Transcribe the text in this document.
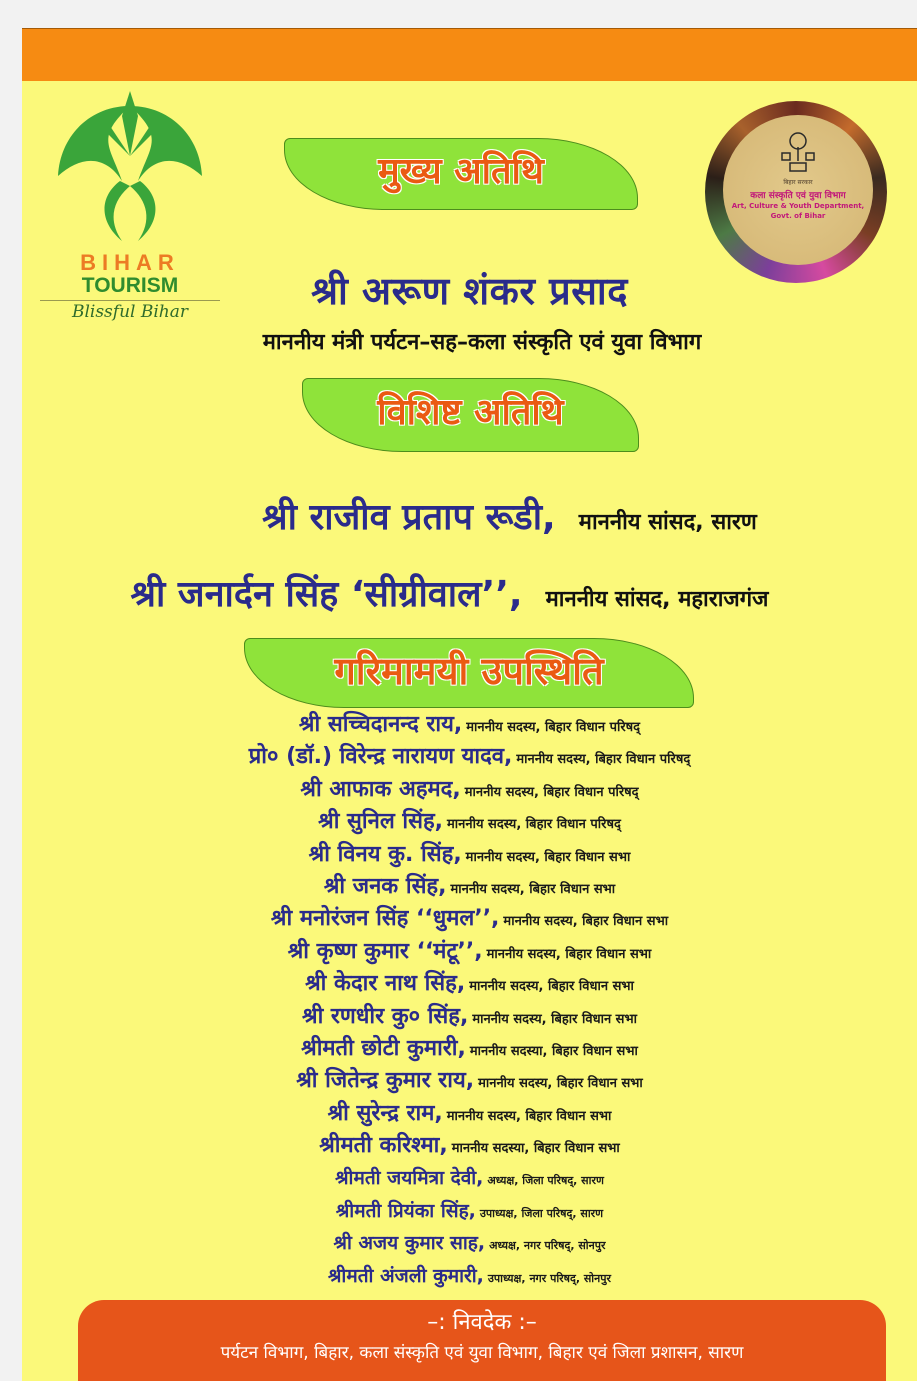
BIHAR
TOURISM
Blissful Bihar
बिहार सरकार
कला संस्कृति एवं युवा विभाग
Art, Culture & Youth Department,
Govt. of Bihar
मुख्य अतिथि
श्री अरूण शंकर प्रसाद
माननीय मंत्री पर्यटन–सह–कला संस्कृति एवं युवा विभाग
विशिष्ट अतिथि
श्री राजीव प्रताप रूडी, माननीय सांसद, सारण
श्री जनार्दन सिंह ‘सीग्रीवाल’’, माननीय सांसद, महाराजगंज
गरिमामयी उपस्थिति
श्री सच्चिदानन्द राय, माननीय सदस्य, बिहार विधान परिषद्
प्रो० (डॉ.) विरेन्द्र नारायण यादव, माननीय सदस्य, बिहार विधान परिषद्
श्री आफाक अहमद, माननीय सदस्य, बिहार विधान परिषद्
श्री सुनिल सिंह, माननीय सदस्य, बिहार विधान परिषद्
श्री विनय कु. सिंह, माननीय सदस्य, बिहार विधान सभा
श्री जनक सिंह, माननीय सदस्य, बिहार विधान सभा
श्री मनोरंजन सिंह ‘‘धुमल’’, माननीय सदस्य, बिहार विधान सभा
श्री कृष्ण कुमार ‘‘मंटू’’, माननीय सदस्य, बिहार विधान सभा
श्री केदार नाथ सिंह, माननीय सदस्य, बिहार विधान सभा
श्री रणधीर कु० सिंह, माननीय सदस्य, बिहार विधान सभा
श्रीमती छोटी कुमारी, माननीय सदस्या, बिहार विधान सभा
श्री जितेन्द्र कुमार राय, माननीय सदस्य, बिहार विधान सभा
श्री सुरेन्द्र राम, माननीय सदस्य, बिहार विधान सभा
श्रीमती करिश्मा, माननीय सदस्या, बिहार विधान सभा
श्रीमती जयमित्रा देवी, अध्यक्ष, जिला परिषद्, सारण
श्रीमती प्रियंका सिंह, उपाध्यक्ष, जिला परिषद्, सारण
श्री अजय कुमार साह, अध्यक्ष, नगर परिषद्, सोनपुर
श्रीमती अंजली कुमारी, उपाध्यक्ष, नगर परिषद्, सोनपुर
–: निवदेक :–
पर्यटन विभाग, बिहार, कला संस्कृति एवं युवा विभाग, बिहार एवं जिला प्रशासन, सारण
